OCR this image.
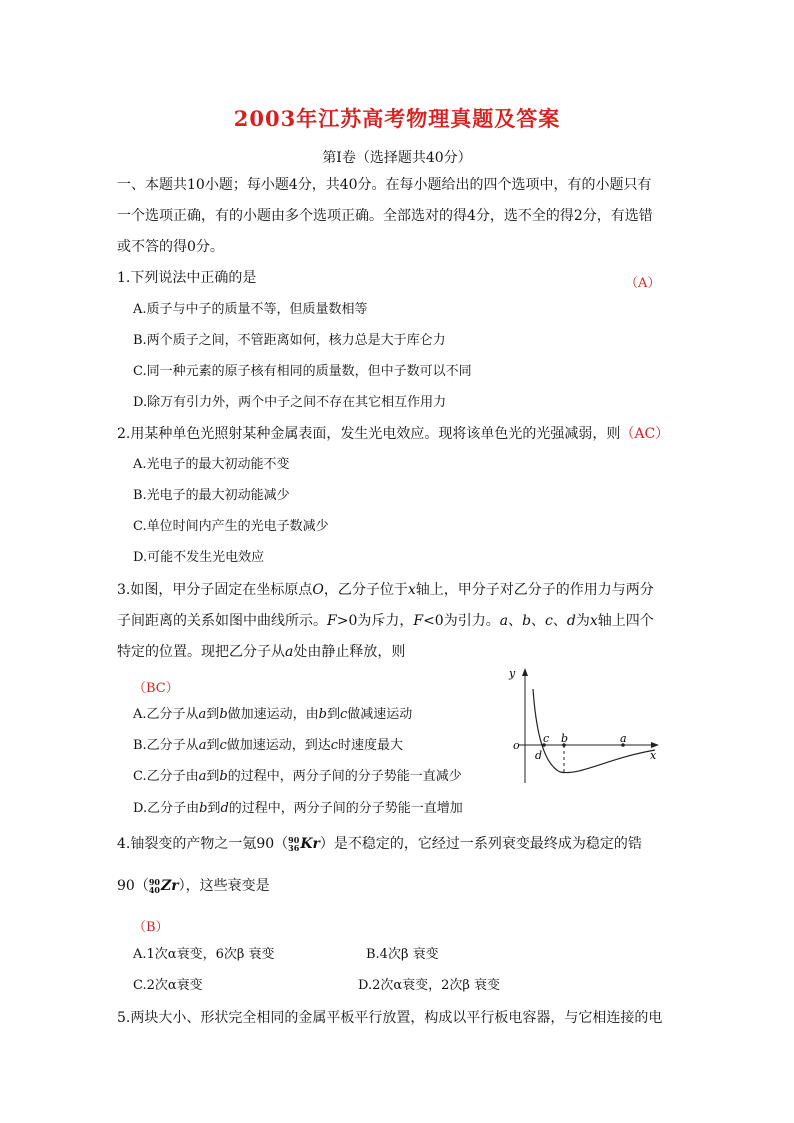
2003年江苏高考物理真题及答案
第Ⅰ卷（选择题共40分）
一、本题共10小题；每小题4分，共40分。在每小题给出的四个选项中，有的小题只有
一个选项正确，有的小题由多个选项正确。全部选对的得4分，选不全的得2分，有选错
或不答的得0分。
1.下列说法中正确的是	（A）
A.质子与中子的质量不等，但质量数相等
B.两个质子之间，不管距离如何，核力总是大于库仑力
C.同一种元素的原子核有相同的质量数，但中子数可以不同
D.除万有引力外，两个中子之间不存在其它相互作用力
2.用某种单色光照射某种金属表面，发生光电效应。现将该单色光的光强减弱，则（AC）
A.光电子的最大初动能不变
B.光电子的最大初动能减少
C.单位时间内产生的光电子数减少
D.可能不发生光电效应
3.如图，甲分子固定在坐标原点O，乙分子位于x轴上，甲分子对乙分子的作用力与两分
子间距离的关系如图中曲线所示。F>0为斥力，F<0为引力。a、b、c、d为x轴上四个
特定的位置。现把乙分子从a处由静止释放，则
（BC）
A.乙分子从a到b做加速运动，由b到c做减速运动
B.乙分子从a到c做加速运动，到达c时速度最大
C.乙分子由a到b的过程中，两分子间的分子势能一直减少
D.乙分子由b到d的过程中，两分子间的分子势能一直增加
y
o
x
c b	a
d
4.铀裂变的产物之一氪90（90
36Kr）是不稳定的，它经过一系列衰变最终成为稳定的锆
90（90
40Zr），这些衰变是
（B）
A.1次α衰变，6次β 衰变	B.4次β 衰变
C.2次α衰变	D.2次α衰变，2次β 衰变
5.两块大小、形状完全相同的金属平板平行放置，构成以平行板电容器，与它相连接的电
